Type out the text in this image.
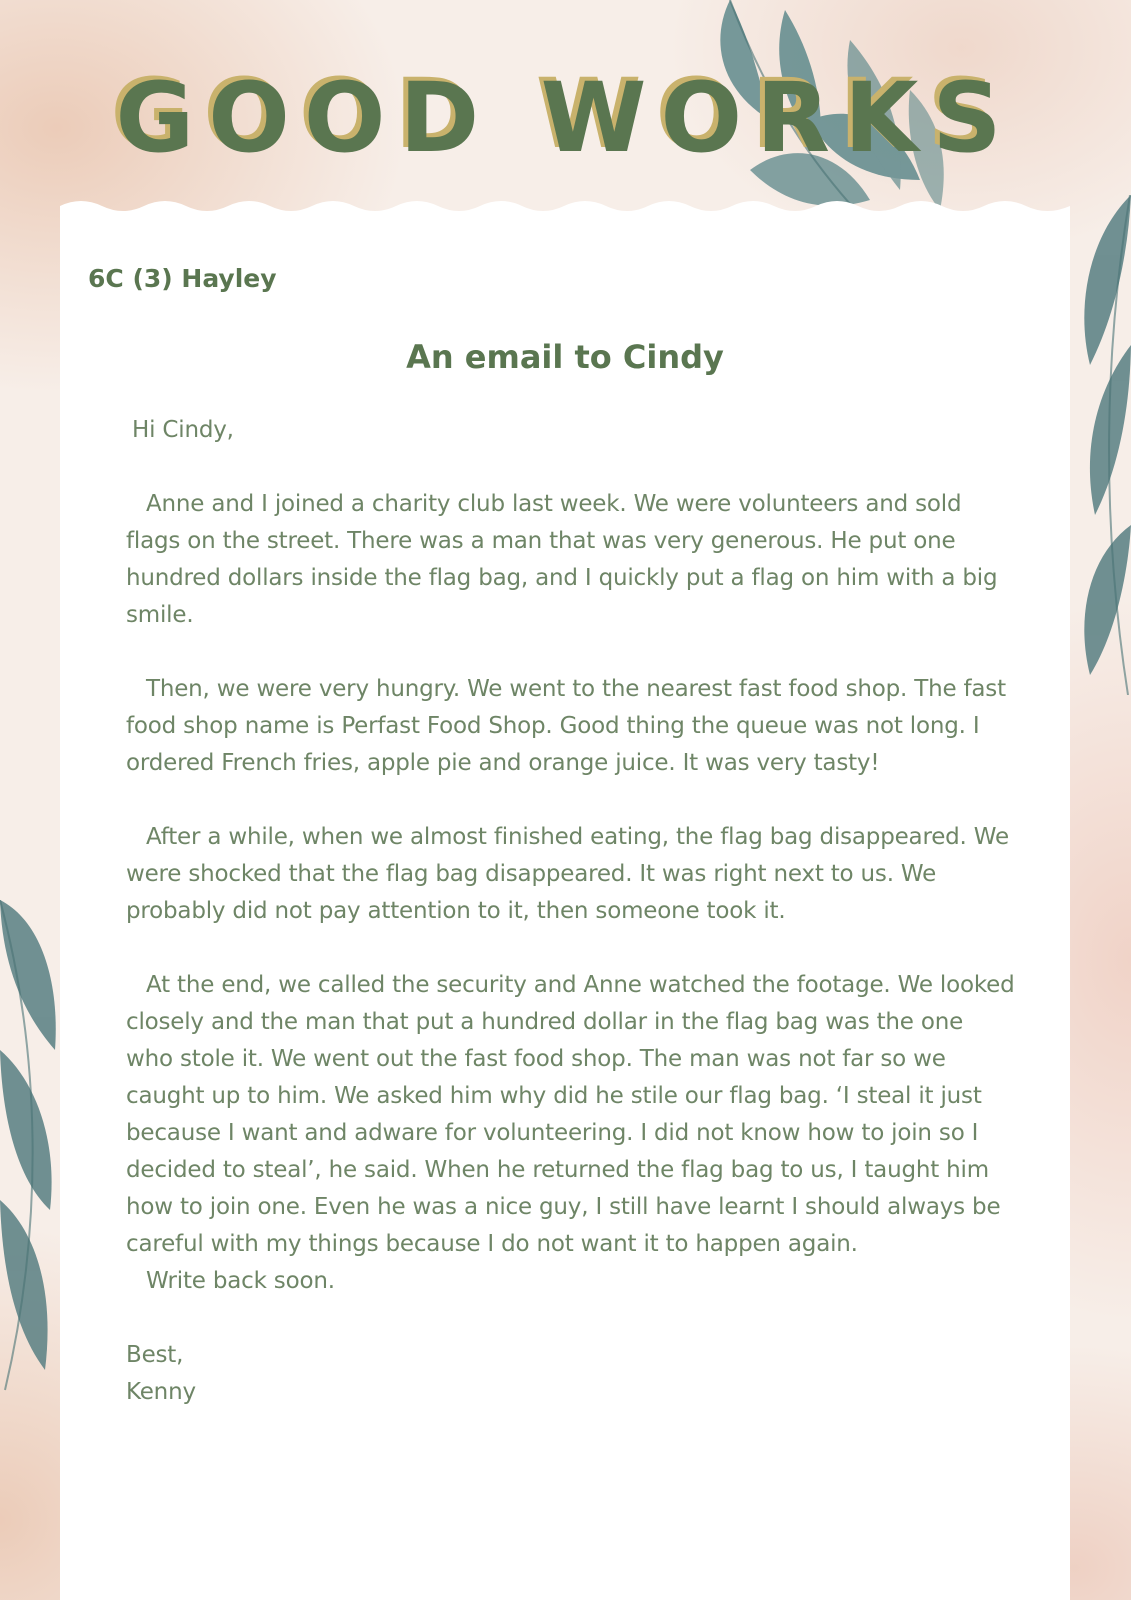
GOOD WORKS

6C (3) Hayley

An email to Cindy

Hi Cindy,

Anne and I joined a charity club last week. We were volunteers and sold flags on the street. There was a man that was very generous. He put one hundred dollars inside the flag bag, and I quickly put a flag on him with a big smile.

Then, we were very hungry. We went to the nearest fast food shop. The fast food shop name is Perfast Food Shop. Good thing the queue was not long. I ordered French fries, apple pie and orange juice. It was very tasty!

After a while, when we almost finished eating, the flag bag disappeared. We were shocked that the flag bag disappeared. It was right next to us. We probably did not pay attention to it, then someone took it.

At the end, we called the security and Anne watched the footage. We looked closely and the man that put a hundred dollar in the flag bag was the one who stole it. We went out the fast food shop. The man was not far so we caught up to him. We asked him why did he stile our flag bag. ‘I steal it just because I want and adware for volunteering. I did not know how to join so I decided to steal’, he said. When he returned the flag bag to us, I taught him how to join one. Even he was a nice guy, I still have learnt I should always be careful with my things because I do not want it to happen again.

Write back soon.

Best,

Kenny
